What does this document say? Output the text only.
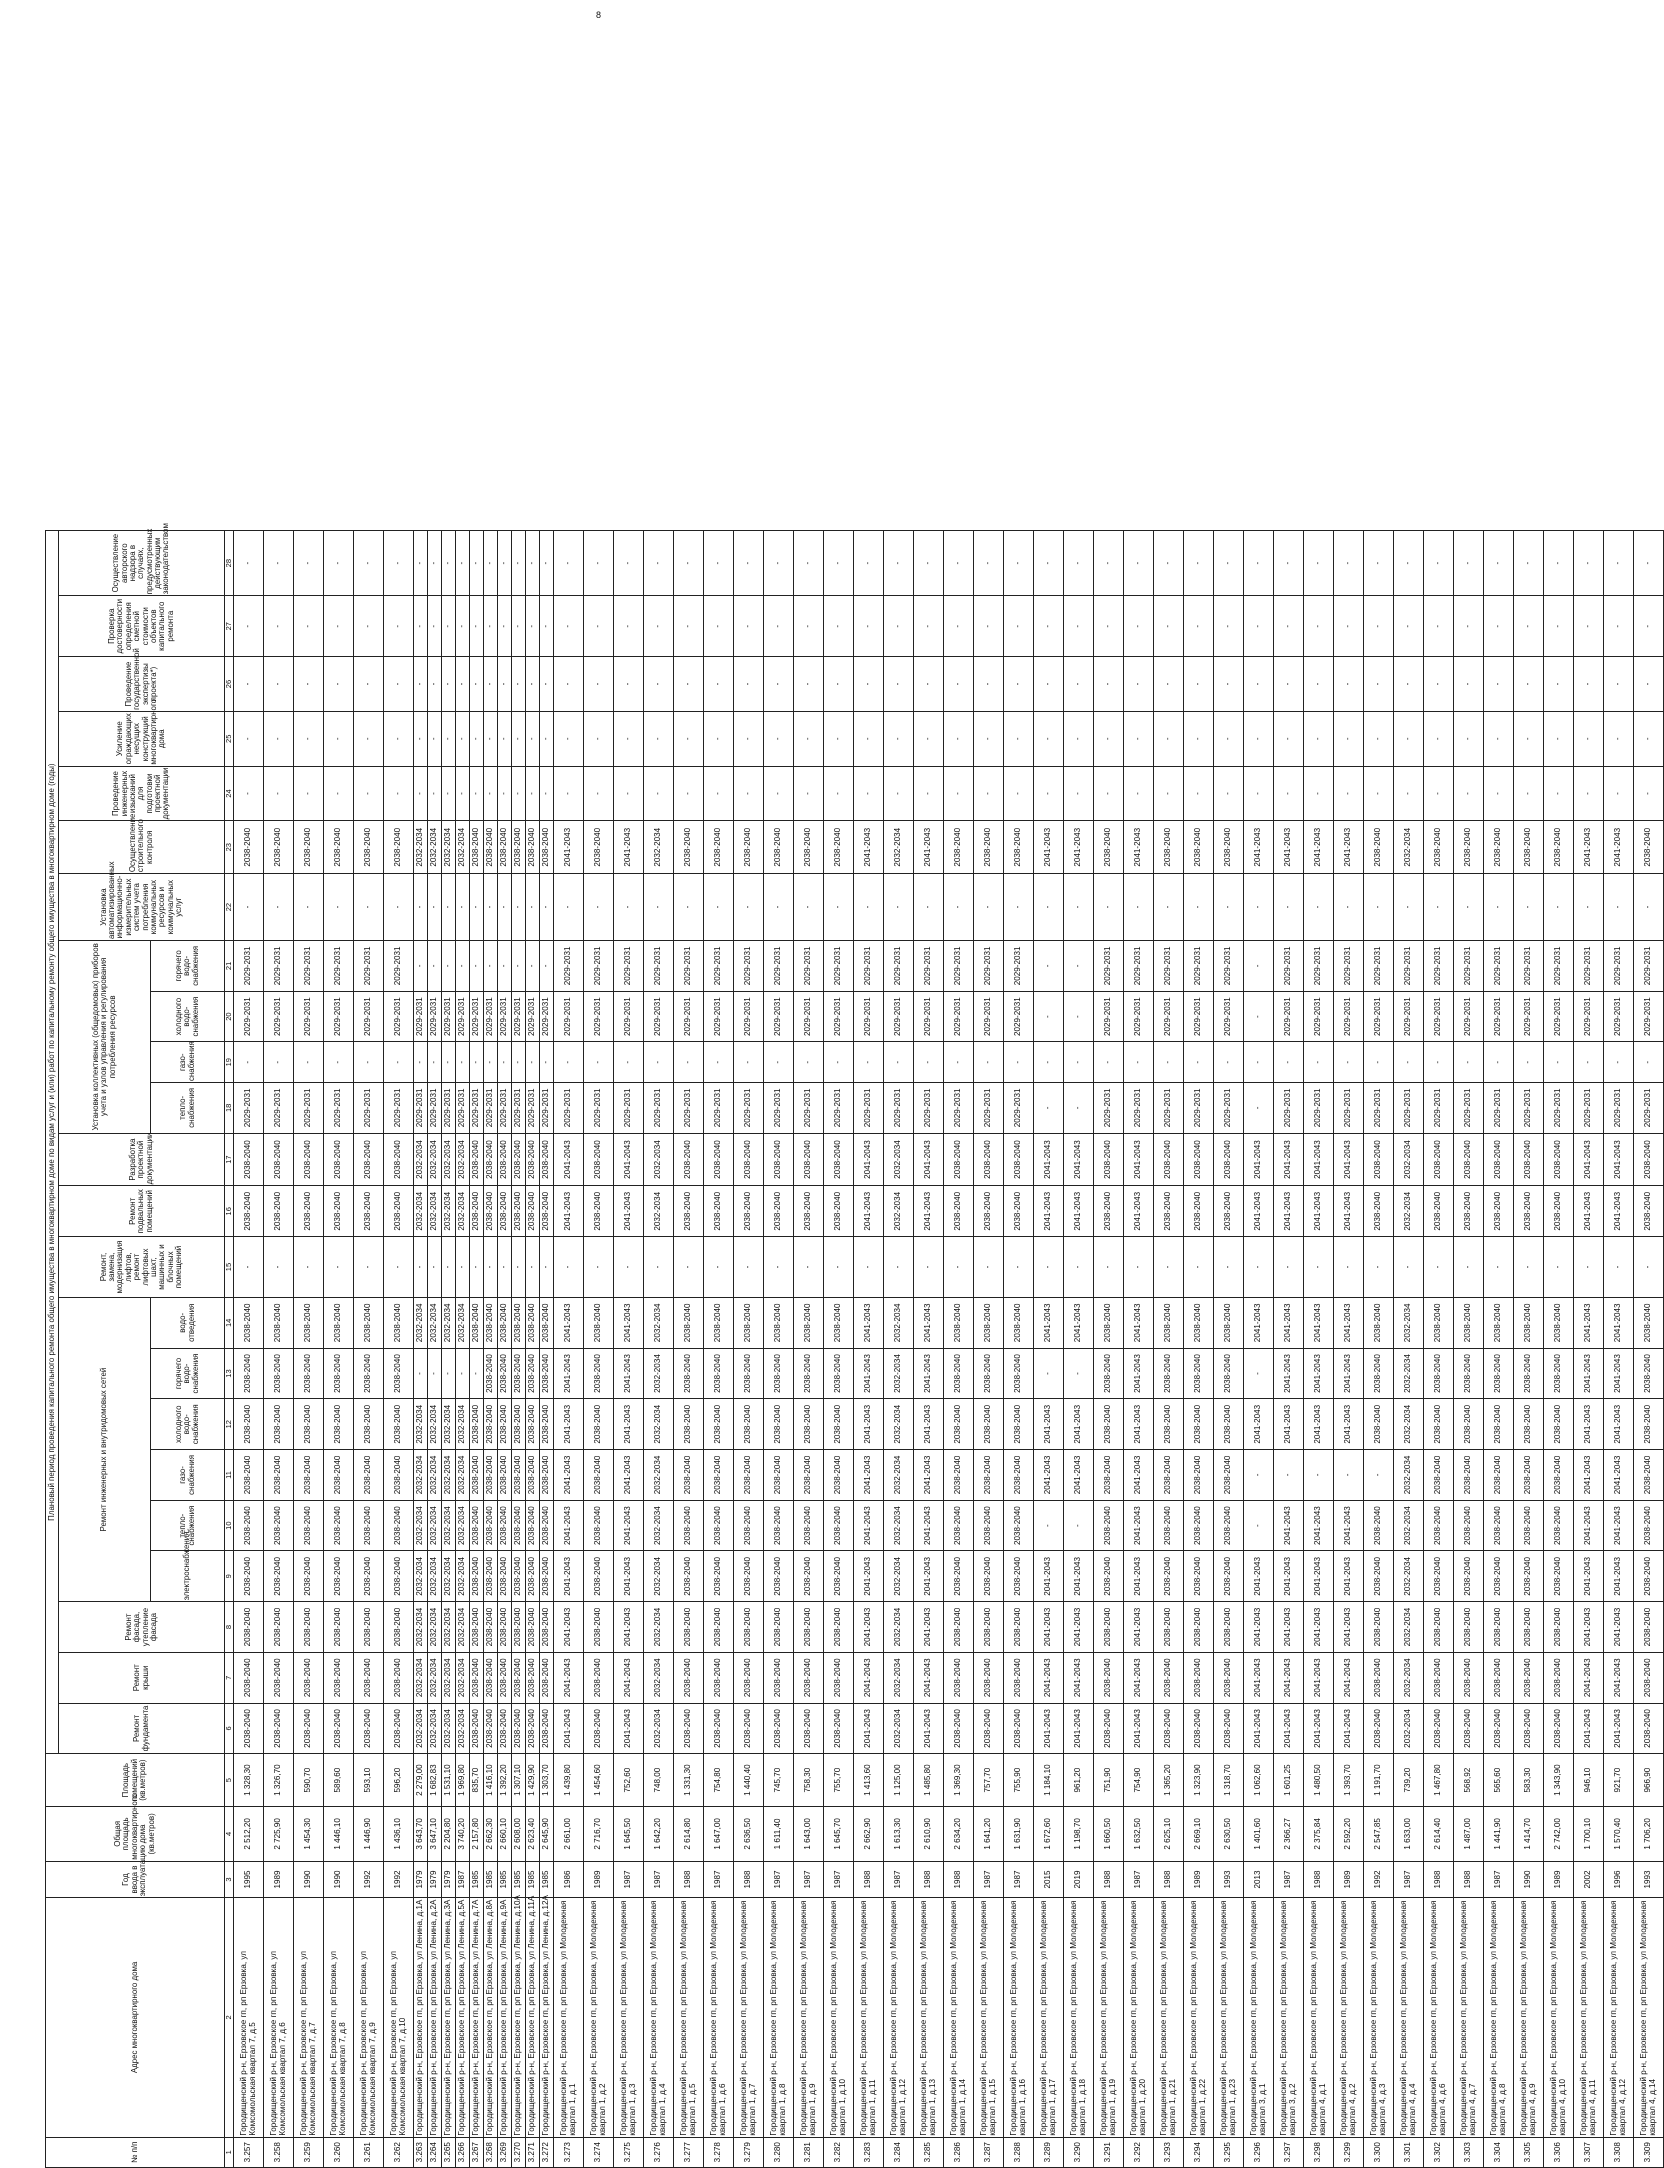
8
№ п/п	Адрес многоквартирного дома	Год ввода в эксплуатацию	Общая площадь многоквартирного дома (кв.метров)	Площадь помещений (кв.метров)	Плановый период проведения капитального ремонта общего имущества в многоквартирном доме по видам услуг и (или) работ по капитальному ремонту общего имущества в многоквартирном доме (годы)																						
					Ремонт фундамента	Ремонт крыши	Ремонт фасада, утепление фасада	Ремонт инженерных и внутридомовых сетей						Ремонт, замена, модернизация лифтов, ремонт лифтовых шахт, машинных и блочных помещений	Ремонт подвальных помещений	Разработка проектной документации	Установка коллективных (общедомовых) приборов учета и узлов управления и регулирования потребления ресурсов				Установка автоматизированных информационно-измерительных систем учета потребления коммунальных ресурсов и коммунальных услуг	Осуществление строительного контроля	Проведение инженерных изысканий для подготовки проектной документации	Усиление ограждающих несущих конструкций многоквартирного дома	Проведение государственной экспертизы проекта*)	Проверка достоверности определения сметной стоимости объектов капитального ремонта	Осуществление авторского надзора в случаях, предусмотренных действующим законодательством
								электроснабжения	тепло-снабжения	газо-снабжения	холодного водо-снабжения	горячего водо-снабжения	водо-отведения				тепло-снабжения	газо-снабжения	холодного водо-снабжения	горячего водо-снабжения							
1	2	3	4	5	6	7	8	9	10	11	12	13	14	15	16	17	18	19	20	21	22	23	24	25	26	27	28
3.257	Городищенский р-н, Ерзовское гп, рп Ерзовка, ул Комсомольская квартал 7, д.5	1995	2 512,20	1 328,30	2038-2040	2038-2040	2038-2040	2038-2040	2038-2040	2038-2040	2038-2040	2038-2040	2038-2040	-	2038-2040	2038-2040	2029-2031	-	2029-2031	2029-2031	-	2038-2040	-	-	-	-	-
3.258	Городищенский р-н, Ерзовское гп, рп Ерзовка, ул Комсомольская квартал 7, д.6	1989	2 725,90	1 326,70	2038-2040	2038-2040	2038-2040	2038-2040	2038-2040	2038-2040	2038-2040	2038-2040	2038-2040	-	2038-2040	2038-2040	2029-2031	-	2029-2031	2029-2031	-	2038-2040	-	-	-	-	-
3.259	Городищенский р-н, Ерзовское гп, рп Ерзовка, ул Комсомольская квартал 7, д.7	1990	1 454,30	590,70	2038-2040	2038-2040	2038-2040	2038-2040	2038-2040	2038-2040	2038-2040	2038-2040	2038-2040	-	2038-2040	2038-2040	2029-2031	-	2029-2031	2029-2031	-	2038-2040	-	-	-	-	-
3.260	Городищенский р-н, Ерзовское гп, рп Ерзовка, ул Комсомольская квартал 7, д.8	1990	1 446,10	589,60	2038-2040	2038-2040	2038-2040	2038-2040	2038-2040	2038-2040	2038-2040	2038-2040	2038-2040	-	2038-2040	2038-2040	2029-2031	-	2029-2031	2029-2031	-	2038-2040	-	-	-	-	-
3.261	Городищенский р-н, Ерзовское гп, рп Ерзовка, ул Комсомольская квартал 7, д.9	1992	1 446,90	593,10	2038-2040	2038-2040	2038-2040	2038-2040	2038-2040	2038-2040	2038-2040	2038-2040	2038-2040	-	2038-2040	2038-2040	2029-2031	-	2029-2031	2029-2031	-	2038-2040	-	-	-	-	-
3.262	Городищенский р-н, Ерзовское гп, рп Ерзовка, ул Комсомольская квартал 7, д.10	1992	1 436,10	596,20	2038-2040	2038-2040	2038-2040	2038-2040	2038-2040	2038-2040	2038-2040	2038-2040	2038-2040	-	2038-2040	2038-2040	2029-2031	-	2029-2031	2029-2031	-	2038-2040	-	-	-	-	-
3.263	Городищенский р-н, Ерзовское гп, рп Ерзовка, ул Ленина, д.1А	1979	3 643,70	2 279,00	2032-2034	2032-2034	2032-2034	2032-2034	2032-2034	2032-2034	2032-2034	-	2032-2034	-	2032-2034	2032-2034	2029-2031	-	2029-2031	-	-	2032-2034	-	-	-	-	-
3.264	Городищенский р-н, Ерзовское гп, рп Ерзовка, ул Ленина, д.2А	1979	3 647,10	1 682,83	2032-2034	2032-2034	2032-2034	2032-2034	2032-2034	2032-2034	2032-2034	-	2032-2034	-	2032-2034	2032-2034	2029-2031	-	2029-2031	-	-	2032-2034	-	-	-	-	-
3.265	Городищенский р-н, Ерзовское гп, рп Ерзовка, ул Ленина, д.3А	1979	2 204,80	1 531,10	2032-2034	2032-2034	2032-2034	2032-2034	2032-2034	2032-2034	2032-2034	-	2032-2034	-	2032-2034	2032-2034	2029-2031	-	2029-2031	-	-	2032-2034	-	-	-	-	-
3.266	Городищенский р-н, Ерзовское гп, рп Ерзовка, ул Ленина, д.5А	1987	3 740,20	1 969,80	2032-2034	2032-2034	2032-2034	2032-2034	2032-2034	2032-2034	2032-2034	-	2032-2034	-	2032-2034	2032-2034	2029-2031	-	2029-2031	-	-	2032-2034	-	-	-	-	-
3.267	Городищенский р-н, Ерзовское гп, рп Ерзовка, ул Ленина, д.7А	1985	2 157,80	835,70	2038-2040	2038-2040	2038-2040	2038-2040	2038-2040	2038-2040	2038-2040	-	2038-2040	-	2038-2040	2038-2040	2029-2031	-	2029-2031	-	-	2038-2040	-	-	-	-	-
3.268	Городищенский р-н, Ерзовское гп, рп Ерзовка, ул Ленина, д.8А	1985	2 662,30	1 416,10	2038-2040	2038-2040	2038-2040	2038-2040	2038-2040	2038-2040	2038-2040	2038-2040	2038-2040	-	2038-2040	2038-2040	2029-2031	-	2029-2031	-	-	2038-2040	-	-	-	-	-
3.269	Городищенский р-н, Ерзовское гп, рп Ерзовка, ул Ленина, д.9А	1985	2 660,10	1 392,20	2038-2040	2038-2040	2038-2040	2038-2040	2038-2040	2038-2040	2038-2040	2038-2040	2038-2040	-	2038-2040	2038-2040	2029-2031	-	2029-2031	-	-	2038-2040	-	-	-	-	-
3.270	Городищенский р-н, Ерзовское гп, рп Ерзовка, ул Ленина, д.10А	1985	2 608,00	1 307,10	2038-2040	2038-2040	2038-2040	2038-2040	2038-2040	2038-2040	2038-2040	2038-2040	2038-2040	-	2038-2040	2038-2040	2029-2031	-	2029-2031	-	-	2038-2040	-	-	-	-	-
3.271	Городищенский р-н, Ерзовское гп, рп Ерзовка, ул Ленина, д.11А	1985	2 623,40	1 429,90	2038-2040	2038-2040	2038-2040	2038-2040	2038-2040	2038-2040	2038-2040	2038-2040	2038-2040	-	2038-2040	2038-2040	2029-2031	-	2029-2031	-	-	2038-2040	-	-	-	-	-
3.272	Городищенский р-н, Ерзовское гп, рп Ерзовка, ул Ленина, д.12А	1985	2 645,90	1 303,70	2038-2040	2038-2040	2038-2040	2038-2040	2038-2040	2038-2040	2038-2040	2038-2040	2038-2040	-	2038-2040	2038-2040	2029-2031	-	2029-2031	-	-	2038-2040	-	-	-	-	-
3.273	Городищенский р-н, Ерзовское гп, рп Ерзовка, ул Молодежная квартал 1, д.1	1986	2 661,00	1 439,80	2041-2043	2041-2043	2041-2043	2041-2043	2041-2043	2041-2043	2041-2043	2041-2043	2041-2043	-	2041-2043	2041-2043	2029-2031	-	2029-2031	2029-2031	-	2041-2043	-	-	-	-	-
3.274	Городищенский р-н, Ерзовское гп, рп Ерзовка, ул Молодежная квартал 1, д.2	1989	2 716,70	1 454,60	2038-2040	2038-2040	2038-2040	2038-2040	2038-2040	2038-2040	2038-2040	2038-2040	2038-2040	-	2038-2040	2038-2040	2029-2031	-	2029-2031	2029-2031	-	2038-2040	-	-	-	-	-
3.275	Городищенский р-н, Ерзовское гп, рп Ерзовка, ул Молодежная квартал 1, д.3	1987	1 645,50	752,60	2041-2043	2041-2043	2041-2043	2041-2043	2041-2043	2041-2043	2041-2043	2041-2043	2041-2043	-	2041-2043	2041-2043	2029-2031	-	2029-2031	2029-2031	-	2041-2043	-	-	-	-	-
3.276	Городищенский р-н, Ерзовское гп, рп Ерзовка, ул Молодежная квартал 1, д.4	1987	1 642,20	748,00	2032-2034	2032-2034	2032-2034	2032-2034	2032-2034	2032-2034	2032-2034	2032-2034	2032-2034	-	2032-2034	2032-2034	2029-2031	-	2029-2031	2029-2031	-	2032-2034	-	-	-	-	-
3.277	Городищенский р-н, Ерзовское гп, рп Ерзовка, ул Молодежная квартал 1, д.5	1988	2 614,80	1 331,30	2038-2040	2038-2040	2038-2040	2038-2040	2038-2040	2038-2040	2038-2040	2038-2040	2038-2040	-	2038-2040	2038-2040	2029-2031	-	2029-2031	2029-2031	-	2038-2040	-	-	-	-	-
3.278	Городищенский р-н, Ерзовское гп, рп Ерзовка, ул Молодежная квартал 1, д.6	1987	1 647,00	754,80	2038-2040	2038-2040	2038-2040	2038-2040	2038-2040	2038-2040	2038-2040	2038-2040	2038-2040	-	2038-2040	2038-2040	2029-2031	-	2029-2031	2029-2031	-	2038-2040	-	-	-	-	-
3.279	Городищенский р-н, Ерзовское гп, рп Ерзовка, ул Молодежная квартал 1, д.7	1988	2 636,50	1 440,40	2038-2040	2038-2040	2038-2040	2038-2040	2038-2040	2038-2040	2038-2040	2038-2040	2038-2040	-	2038-2040	2038-2040	2029-2031	-	2029-2031	2029-2031	-	2038-2040	-	-	-	-	-
3.280	Городищенский р-н, Ерзовское гп, рп Ерзовка, ул Молодежная квартал 1, д.8	1987	1 611,40	745,70	2038-2040	2038-2040	2038-2040	2038-2040	2038-2040	2038-2040	2038-2040	2038-2040	2038-2040	-	2038-2040	2038-2040	2029-2031	-	2029-2031	2029-2031	-	2038-2040	-	-	-	-	-
3.281	Городищенский р-н, Ерзовское гп, рп Ерзовка, ул Молодежная квартал 1, д.9	1987	1 643,00	758,30	2038-2040	2038-2040	2038-2040	2038-2040	2038-2040	2038-2040	2038-2040	2038-2040	2038-2040	-	2038-2040	2038-2040	2029-2031	-	2029-2031	2029-2031	-	2038-2040	-	-	-	-	-
3.282	Городищенский р-н, Ерзовское гп, рп Ерзовка, ул Молодежная квартал 1, д.10	1987	1 645,70	755,70	2038-2040	2038-2040	2038-2040	2038-2040	2038-2040	2038-2040	2038-2040	2038-2040	2038-2040	-	2038-2040	2038-2040	2029-2031	-	2029-2031	2029-2031	-	2038-2040	-	-	-	-	-
3.283	Городищенский р-н, Ерзовское гп, рп Ерзовка, ул Молодежная квартал 1, д.11	1988	2 662,90	1 413,60	2041-2043	2041-2043	2041-2043	2041-2043	2041-2043	2041-2043	2041-2043	2041-2043	2041-2043	-	2041-2043	2041-2043	2029-2031	-	2029-2031	2029-2031	-	2041-2043	-	-	-	-	-
3.284	Городищенский р-н, Ерзовское гп, рп Ерзовка, ул Молодежная квартал 1, д.12	1987	1 613,30	1 125,00	2032-2034	2032-2034	2032-2034	2032-2034	2032-2034	2032-2034	2032-2034	2032-2034	2032-2034	-	2032-2034	2032-2034	2029-2031	-	2029-2031	2029-2031	-	2032-2034	-	-	-	-	-
3.285	Городищенский р-н, Ерзовское гп, рп Ерзовка, ул Молодежная квартал 1, д.13	1988	2 610,90	1 485,80	2041-2043	2041-2043	2041-2043	2041-2043	2041-2043	2041-2043	2041-2043	2041-2043	2041-2043	-	2041-2043	2041-2043	2029-2031	-	2029-2031	2029-2031	-	2041-2043	-	-	-	-	-
3.286	Городищенский р-н, Ерзовское гп, рп Ерзовка, ул Молодежная квартал 1, д.14	1988	2 634,20	1 369,30	2038-2040	2038-2040	2038-2040	2038-2040	2038-2040	2038-2040	2038-2040	2038-2040	2038-2040	-	2038-2040	2038-2040	2029-2031	-	2029-2031	2029-2031	-	2038-2040	-	-	-	-	-
3.287	Городищенский р-н, Ерзовское гп, рп Ерзовка, ул Молодежная квартал 1, д.15	1987	1 641,20	757,70	2038-2040	2038-2040	2038-2040	2038-2040	2038-2040	2038-2040	2038-2040	2038-2040	2038-2040	-	2038-2040	2038-2040	2029-2031	-	2029-2031	2029-2031	-	2038-2040	-	-	-	-	-
3.288	Городищенский р-н, Ерзовское гп, рп Ерзовка, ул Молодежная квартал 1, д.16	1987	1 631,90	755,90	2038-2040	2038-2040	2038-2040	2038-2040	2038-2040	2038-2040	2038-2040	2038-2040	2038-2040	-	2038-2040	2038-2040	2029-2031	-	2029-2031	2029-2031	-	2038-2040	-	-	-	-	-
3.289	Городищенский р-н, Ерзовское гп, рп Ерзовка, ул Молодежная квартал 1, д.17	2015	1 672,60	1 184,10	2041-2043	2041-2043	2041-2043	2041-2043	-	2041-2043	2041-2043	-	2041-2043	-	2041-2043	2041-2043	-	-	-	-	-	2041-2043	-	-	-	-	-
3.290	Городищенский р-н, Ерзовское гп, рп Ерзовка, ул Молодежная квартал 1, д.18	2019	1 198,70	961,20	2041-2043	2041-2043	2041-2043	2041-2043	-	2041-2043	2041-2043	-	2041-2043	-	2041-2043	2041-2043	-	-	-	-	-	2041-2043	-	-	-	-	-
3.291	Городищенский р-н, Ерзовское гп, рп Ерзовка, ул Молодежная квартал 1, д.19	1988	1 660,50	751,90	2038-2040	2038-2040	2038-2040	2038-2040	2038-2040	2038-2040	2038-2040	2038-2040	2038-2040	-	2038-2040	2038-2040	2029-2031	-	2029-2031	2029-2031	-	2038-2040	-	-	-	-	-
3.292	Городищенский р-н, Ерзовское гп, рп Ерзовка, ул Молодежная квартал 1, д.20	1987	1 632,50	754,90	2041-2043	2041-2043	2041-2043	2041-2043	2041-2043	2041-2043	2041-2043	2041-2043	2041-2043	-	2041-2043	2041-2043	2029-2031	-	2029-2031	2029-2031	-	2041-2043	-	-	-	-	-
3.293	Городищенский р-н, Ерзовское гп, рп Ерзовка, ул Молодежная квартал 1, д.21	1988	2 625,10	1 365,20	2038-2040	2038-2040	2038-2040	2038-2040	2038-2040	2038-2040	2038-2040	2038-2040	2038-2040	-	2038-2040	2038-2040	2029-2031	-	2029-2031	2029-2031	-	2038-2040	-	-	-	-	-
3.294	Городищенский р-н, Ерзовское гп, рп Ерзовка, ул Молодежная квартал 1, д.22	1989	2 669,10	1 323,90	2038-2040	2038-2040	2038-2040	2038-2040	2038-2040	2038-2040	2038-2040	2038-2040	2038-2040	-	2038-2040	2038-2040	2029-2031	-	2029-2031	2029-2031	-	2038-2040	-	-	-	-	-
3.295	Городищенский р-н, Ерзовское гп, рп Ерзовка, ул Молодежная квартал 1, д.23	1993	2 630,50	1 318,70	2038-2040	2038-2040	2038-2040	2038-2040	2038-2040	2038-2040	2038-2040	2038-2040	2038-2040	-	2038-2040	2038-2040	2029-2031	-	2029-2031	2029-2031	-	2038-2040	-	-	-	-	-
3.296	Городищенский р-н, Ерзовское гп, рп Ерзовка, ул Молодежная квартал 3, д.1	2013	1 401,60	1 062,60	2041-2043	2041-2043	2041-2043	2041-2043	-	-	2041-2043	-	2041-2043	-	2041-2043	2041-2043	-	-	-	-	-	2041-2043	-	-	-	-	-
3.297	Городищенский р-н, Ерзовское гп, рп Ерзовка, ул Молодежная квартал 3, д.2	1987	2 366,27	1 601,25	2041-2043	2041-2043	2041-2043	2041-2043	2041-2043	-	2041-2043	2041-2043	2041-2043	-	2041-2043	2041-2043	2029-2031	-	2029-2031	2029-2031	-	2041-2043	-	-	-	-	-
3.298	Городищенский р-н, Ерзовское гп, рп Ерзовка, ул Молодежная квартал 4, д.1	1988	2 375,84	1 480,50	2041-2043	2041-2043	2041-2043	2041-2043	2041-2043	-	2041-2043	2041-2043	2041-2043	-	2041-2043	2041-2043	2029-2031	-	2029-2031	2029-2031	-	2041-2043	-	-	-	-	-
3.299	Городищенский р-н, Ерзовское гп, рп Ерзовка, ул Молодежная квартал 4, д.2	1989	2 592,20	1 393,70	2041-2043	2041-2043	2041-2043	2041-2043	2041-2043	-	2041-2043	2041-2043	2041-2043	-	2041-2043	2041-2043	2029-2031	-	2029-2031	2029-2031	-	2041-2043	-	-	-	-	-
3.300	Городищенский р-н, Ерзовское гп, рп Ерзовка, ул Молодежная квартал 4, д.3	1992	2 547,85	1 191,70	2038-2040	2038-2040	2038-2040	2038-2040	2038-2040	-	2038-2040	2038-2040	2038-2040	-	2038-2040	2038-2040	2029-2031	-	2029-2031	2029-2031	-	2038-2040	-	-	-	-	-
3.301	Городищенский р-н, Ерзовское гп, рп Ерзовка, ул Молодежная квартал 4, д.4	1987	1 633,00	739,20	2032-2034	2032-2034	2032-2034	2032-2034	2032-2034	2032-2034	2032-2034	2032-2034	2032-2034	-	2032-2034	2032-2034	2029-2031	-	2029-2031	2029-2031	-	2032-2034	-	-	-	-	-
3.302	Городищенский р-н, Ерзовское гп, рп Ерзовка, ул Молодежная квартал 4, д.6	1988	2 614,40	1 467,80	2038-2040	2038-2040	2038-2040	2038-2040	2038-2040	2038-2040	2038-2040	2038-2040	2038-2040	-	2038-2040	2038-2040	2029-2031	-	2029-2031	2029-2031	-	2038-2040	-	-	-	-	-
3.303	Городищенский р-н, Ерзовское гп, рп Ерзовка, ул Молодежная квартал 4, д.7	1988	1 487,00	568,92	2038-2040	2038-2040	2038-2040	2038-2040	2038-2040	2038-2040	2038-2040	2038-2040	2038-2040	-	2038-2040	2038-2040	2029-2031	-	2029-2031	2029-2031	-	2038-2040	-	-	-	-	-
3.304	Городищенский р-н, Ерзовское гп, рп Ерзовка, ул Молодежная квартал 4, д.8	1987	1 441,90	565,60	2038-2040	2038-2040	2038-2040	2038-2040	2038-2040	2038-2040	2038-2040	2038-2040	2038-2040	-	2038-2040	2038-2040	2029-2031	-	2029-2031	2029-2031	-	2038-2040	-	-	-	-	-
3.305	Городищенский р-н, Ерзовское гп, рп Ерзовка, ул Молодежная квартал 4, д.9	1990	1 414,70	583,30	2038-2040	2038-2040	2038-2040	2038-2040	2038-2040	2038-2040	2038-2040	2038-2040	2038-2040	-	2038-2040	2038-2040	2029-2031	-	2029-2031	2029-2031	-	2038-2040	-	-	-	-	-
3.306	Городищенский р-н, Ерзовское гп, рп Ерзовка, ул Молодежная квартал 4, д.10	1989	2 742,00	1 343,90	2038-2040	2038-2040	2038-2040	2038-2040	2038-2040	2038-2040	2038-2040	2038-2040	2038-2040	-	2038-2040	2038-2040	2029-2031	-	2029-2031	2029-2031	-	2038-2040	-	-	-	-	-
3.307	Городищенский р-н, Ерзовское гп, рп Ерзовка, ул Молодежная квартал 4, д.11	2002	1 700,10	946,10	2041-2043	2041-2043	2041-2043	2041-2043	2041-2043	2041-2043	2041-2043	2041-2043	2041-2043	-	2041-2043	2041-2043	2029-2031	-	2029-2031	2029-2031	-	2041-2043	-	-	-	-	-
3.308	Городищенский р-н, Ерзовское гп, рп Ерзовка, ул Молодежная квартал 4, д.12	1996	1 570,40	921,70	2041-2043	2041-2043	2041-2043	2041-2043	2041-2043	2041-2043	2041-2043	2041-2043	2041-2043	-	2041-2043	2041-2043	2029-2031	-	2029-2031	2029-2031	-	2041-2043	-	-	-	-	-
3.309	Городищенский р-н, Ерзовское гп, рп Ерзовка, ул Молодежная квартал 4, д.14	1993	1 706,20	966,90	2038-2040	2038-2040	2038-2040	2038-2040	2038-2040	2038-2040	2038-2040	2038-2040	2038-2040	-	2038-2040	2038-2040	2029-2031	-	2029-2031	2029-2031	-	2038-2040	-	-	-	-	-
